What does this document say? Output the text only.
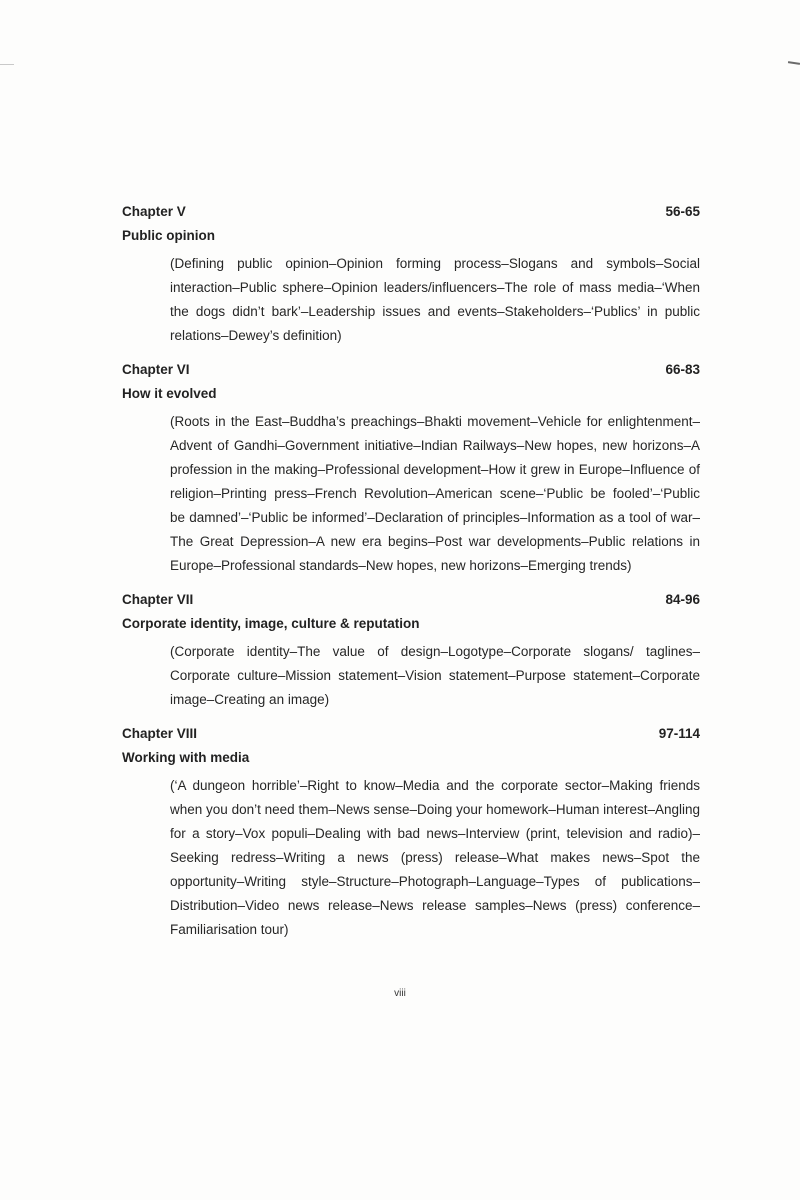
Chapter V	56-65
Public opinion

(Defining public opinion–Opinion forming process–Slogans and symbols–Social interaction–Public sphere–Opinion leaders/influencers–The role of mass media–‘When the dogs didn’t bark’–Leadership issues and events–Stakeholders–‘Publics’ in public relations–Dewey’s definition)

Chapter VI	66-83
How it evolved

(Roots in the East–Buddha’s preachings–Bhakti movement–Vehicle for enlightenment–Advent of Gandhi–Government initiative–Indian Railways–New hopes, new horizons–A profession in the making–Professional development–How it grew in Europe–Influence of religion–Printing press–French Revolution–American scene–‘Public be fooled’–‘Public be damned’–‘Public be informed’–Declaration of principles–Information as a tool of war–The Great Depression–A new era begins–Post war developments–Public relations in Europe–Professional standards–New hopes, new horizons–Emerging trends)

Chapter VII	84-96
Corporate identity, image, culture & reputation

(Corporate identity–The value of design–Logotype–Corporate slogans/ taglines–Corporate culture–Mission statement–Vision statement–Purpose statement–Corporate image–Creating an image)

Chapter VIII	97-114
Working with media

(‘A dungeon horrible’–Right to know–Media and the corporate sector–Making friends when you don’t need them–News sense–Doing your homework–Human interest–Angling for a story–Vox populi–Dealing with bad news–Interview (print, television and radio)–Seeking redress–Writing a news (press) release–What makes news–Spot the opportunity–Writing style–Structure–Photograph–Language–Types of publications–Distribution–Video news release–News release samples–News (press) conference–Familiarisation tour)

viii
